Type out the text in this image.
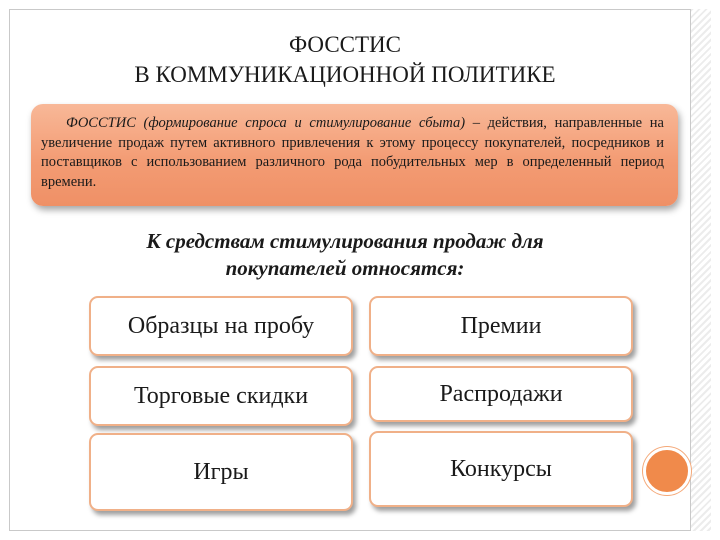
ФОССТИС
В КОММУНИКАЦИОННОЙ ПОЛИТИКЕ
ФОССТИС (формирование спроса и стимулирование сбыта) – действия, направленные на увеличение продаж путем активного привлечения к этому процессу покупателей, посредников и поставщиков с использованием различного рода побудительных мер в определенный период времени.
К средствам стимулирования продаж для покупателей относятся:
Образцы на пробу	Премии
Торговые скидки	Распродажи
Игры	Конкурсы
